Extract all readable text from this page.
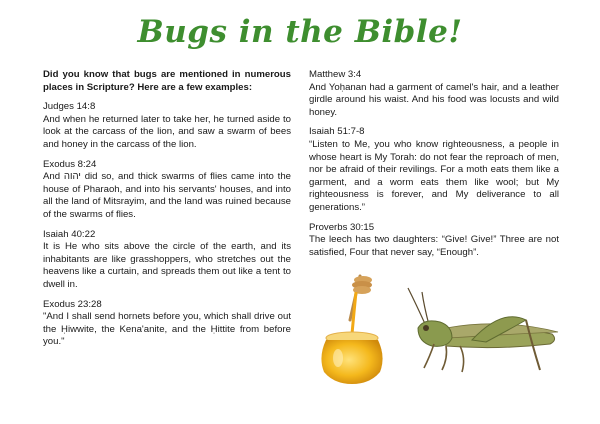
Bugs in the Bible!
Did you know that bugs are mentioned in numerous places in Scripture? Here are a few examples:
Judges 14:8
And when he returned later to take her, he turned aside to look at the carcass of the lion, and saw a swarm of bees and honey in the carcass of the lion.
Exodus 8:24
And יהוה did so, and thick swarms of flies came into the house of Pharaoh, and into his servants' houses, and into all the land of Mitsrayim, and the land was ruined because of the swarms of flies.
Isaiah 40:22
It is He who sits above the circle of the earth, and its inhabitants are like grasshoppers, who stretches out the heavens like a curtain, and spreads them out like a tent to dwell in.
Exodus 23:28
"And I shall send hornets before you, which shall drive out the Ḥiwwite, the Kena'anite, and the Ḥittite from before you."
Matthew 3:4
And Yoḥanan had a garment of camel's hair, and a leather girdle around his waist. And his food was locusts and wild honey.
Isaiah 51:7-8
“Listen to Me, you who know righteousness, a people in whose heart is My Torah: do not fear the reproach of men, nor be afraid of their revilings. For a moth eats them like a garment, and a worm eats them like wool; but My righteousness is forever, and My deliverance to all generations.”
Proverbs 30:15
The leech has two daughters: “Give! Give!” Three are not satisfied, Four that never say, “Enough”.
